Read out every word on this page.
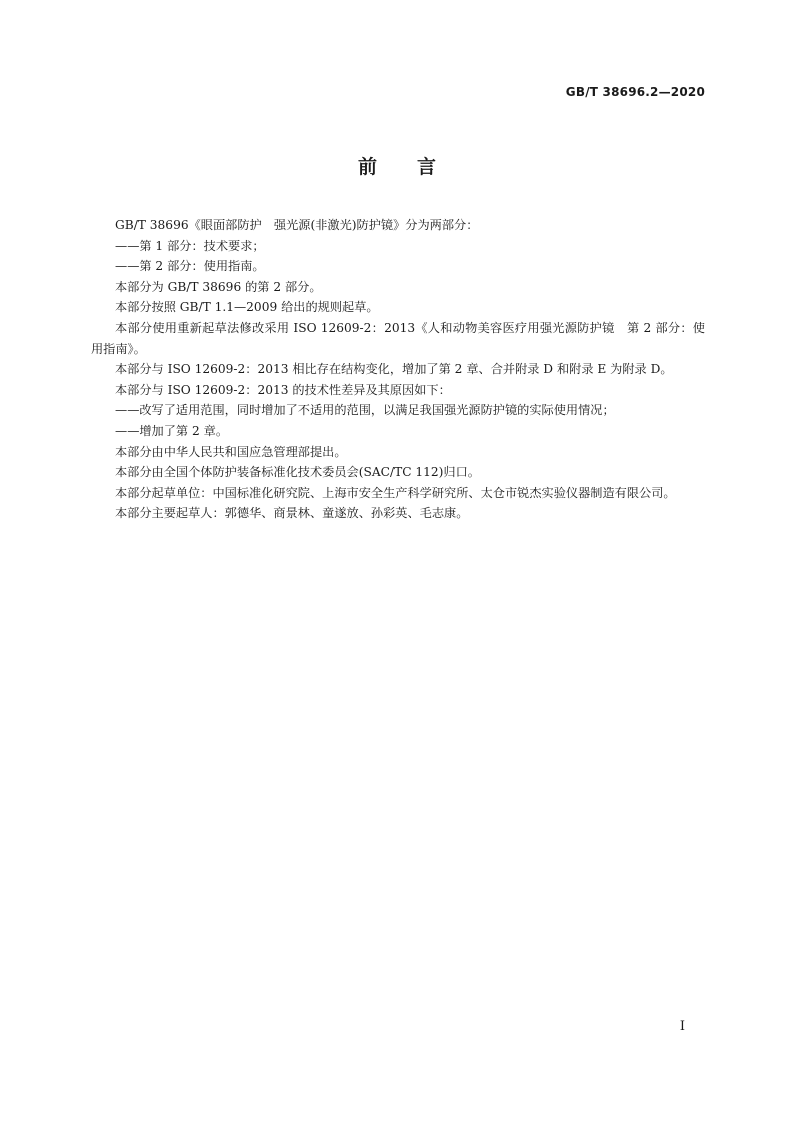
GB/T 38696.2—2020
前言

GB/T 38696《眼面部防护　强光源(非激光)防护镜》分为两部分：

——第 1 部分：技术要求；

——第 2 部分：使用指南。

本部分为 GB/T 38696 的第 2 部分。

本部分按照 GB/T 1.1—2009 给出的规则起草。

本部分使用重新起草法修改采用 ISO 12609-2：2013《人和动物美容医疗用强光源防护镜　第 2 部分：使用指南》。

本部分与 ISO 12609-2：2013 相比存在结构变化，增加了第 2 章、合并附录 D 和附录 E 为附录 D。

本部分与 ISO 12609-2：2013 的技术性差异及其原因如下：

——改写了适用范围，同时增加了不适用的范围，以满足我国强光源防护镜的实际使用情况；

——增加了第 2 章。

本部分由中华人民共和国应急管理部提出。

本部分由全国个体防护装备标准化技术委员会(SAC/TC 112)归口。

本部分起草单位：中国标准化研究院、上海市安全生产科学研究所、太仓市锐杰实验仪器制造有限公司。

本部分主要起草人：郭德华、商景林、童遂放、孙彩英、毛志康。

I
